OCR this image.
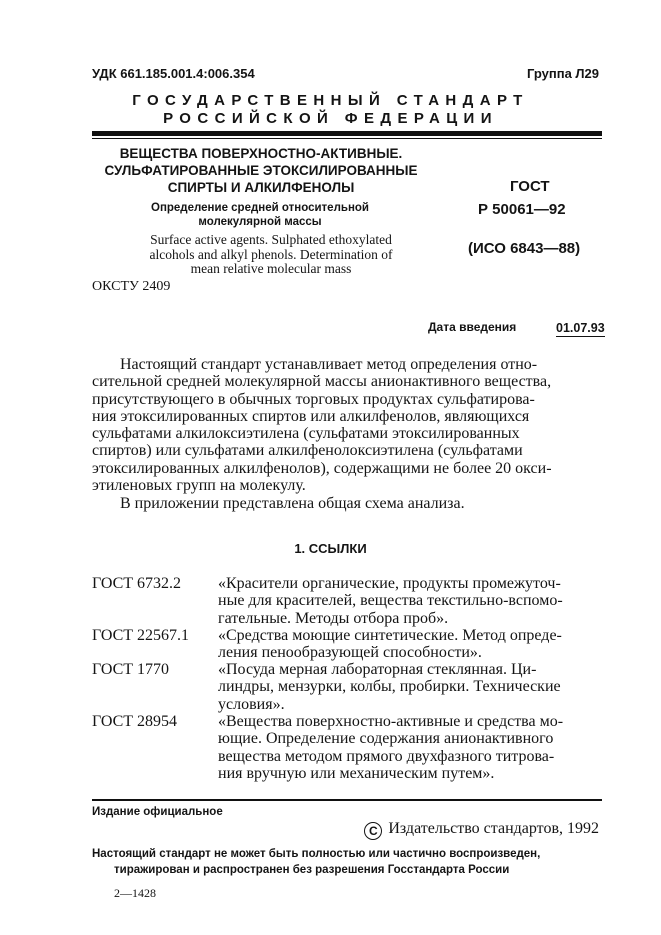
УДК 661.185.001.4:006.354	Группа Л29
ГОСУДАРСТВЕННЫЙ СТАНДАРТ
РОССИЙСКОЙ ФЕДЕРАЦИИ
ВЕЩЕСТВА ПОВЕРХНОСТНО-АКТИВНЫЕ.
СУЛЬФАТИРОВАННЫЕ ЭТОКСИЛИРОВАННЫЕ
СПИРТЫ И АЛКИЛФЕНОЛЫ
Определение средней относительной
молекулярной массы
Surface active agents. Sulphated ethoxylated
alcohols and alkyl phenols. Determination of
mean relative molecular mass
ГОСТ
Р 50061—92
(ИСО 6843—88)
ОКСТУ 2409
Дата введения	01.07.93
Настоящий стандарт устанавливает метод определения отно-
сительной средней молекулярной массы анионактивного вещества,
присутствующего в обычных торговых продуктах сульфатирова-
ния этоксилированных спиртов или алкилфенолов, являющихся
сульфатами алкилоксиэтилена (сульфатами этоксилированных
спиртов) или сульфатами алкилфенолоксиэтилена (сульфатами
этоксилированных алкилфенолов), содержащими не более 20 окси-
этиленовых групп на молекулу.
В приложении представлена общая схема анализа.
1. ССЫЛКИ
ГОСТ 6732.2 «Красители органические, продукты промежуточ-
ные для красителей, вещества текстильно-вспомо-
гательные. Методы отбора проб».
ГОСТ 22567.1 «Средства моющие синтетические. Метод опреде-
ления пенообразующей способности».
ГОСТ 1770	«Посуда мерная лабораторная стеклянная. Ци-
линдры, мензурки, колбы, пробирки. Технические
условия».
ГОСТ 28954	«Вещества поверхностно-активные и средства мо-
ющие. Определение содержания анионактивного
вещества методом прямого двухфазного титрова-
ния вручную или механическим путем».
Издание официальное
C Издательство стандартов, 1992
Настоящий стандарт не может быть полностью или частично воспроизведен,
тиражирован и распространен без разрешения Госстандарта России
2—1428
